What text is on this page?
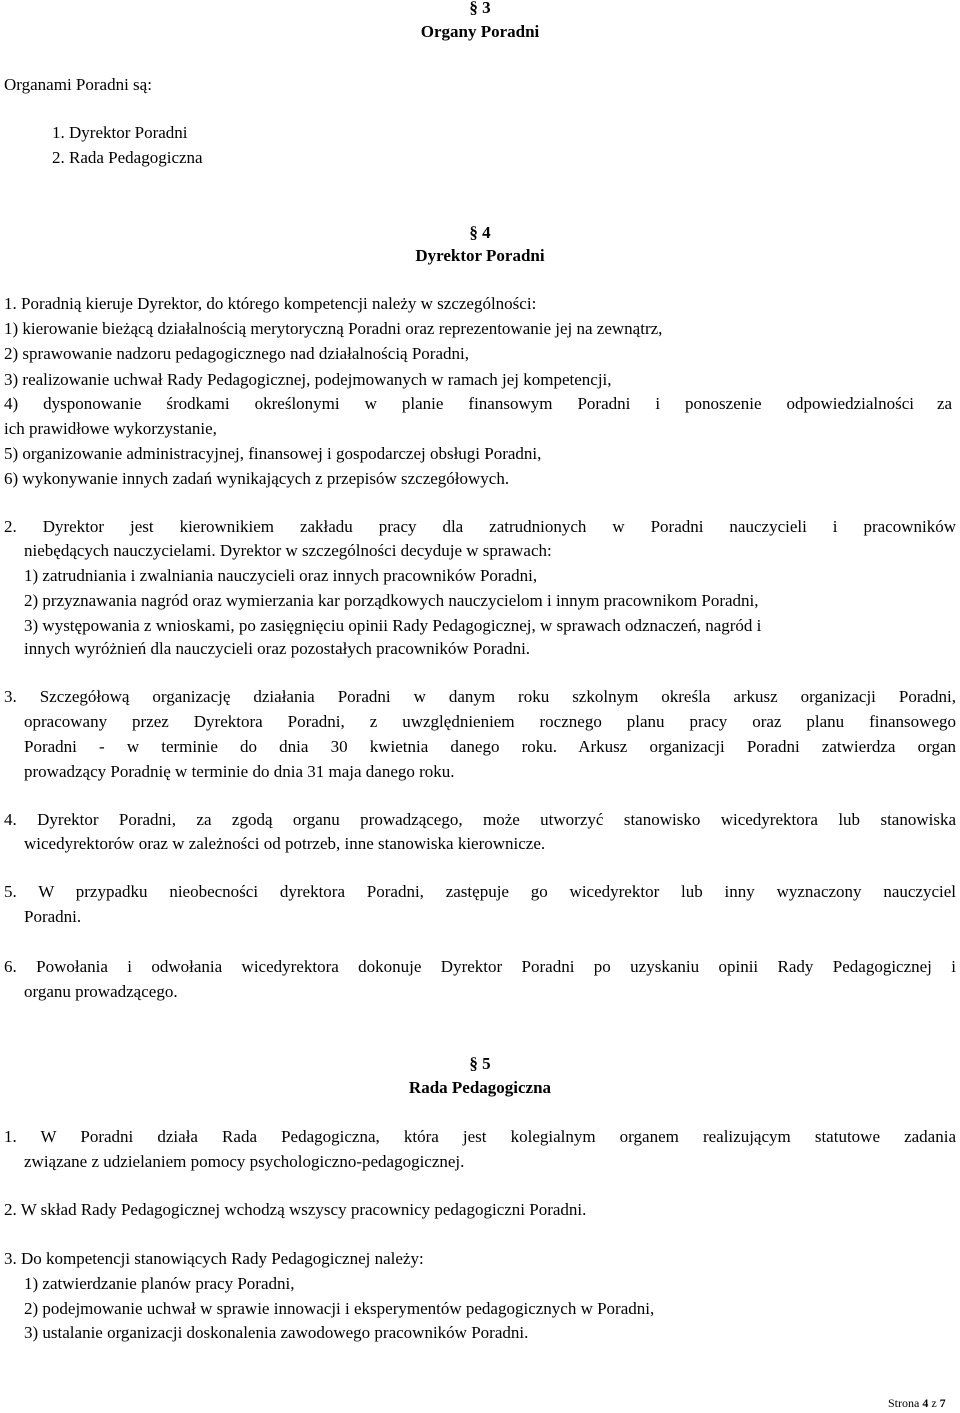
§ 3
Organy Poradni
Organami Poradni są:
1. Dyrektor Poradni
2. Rada Pedagogiczna
§ 4
Dyrektor Poradni
1. Poradnią kieruje Dyrektor, do którego kompetencji należy w szczególności:
1) kierowanie bieżącą działalnością merytoryczną Poradni oraz reprezentowanie jej na zewnątrz,
2) sprawowanie nadzoru pedagogicznego nad działalnością Poradni,
3) realizowanie uchwał Rady Pedagogicznej, podejmowanych w ramach jej kompetencji,
4) dysponowanie środkami określonymi w planie finansowym Poradni i ponoszenie odpowiedzialności za
ich prawidłowe wykorzystanie,
5) organizowanie administracyjnej, finansowej i gospodarczej obsługi Poradni,
6) wykonywanie innych zadań wynikających z przepisów szczegółowych.
2. Dyrektor jest kierownikiem zakładu pracy dla zatrudnionych w Poradni nauczycieli i pracowników
niebędących nauczycielami. Dyrektor w szczególności decyduje w sprawach:
1) zatrudniania i zwalniania nauczycieli oraz innych pracowników Poradni,
2) przyznawania nagród oraz wymierzania kar porządkowych nauczycielom i innym pracownikom Poradni,
3) występowania z wnioskami, po zasięgnięciu opinii Rady Pedagogicznej, w sprawach odznaczeń, nagród i
innych wyróżnień dla nauczycieli oraz pozostałych pracowników Poradni.
3. Szczegółową organizację działania Poradni w danym roku szkolnym określa arkusz organizacji Poradni,
opracowany przez Dyrektora Poradni, z uwzględnieniem rocznego planu pracy oraz planu finansowego
Poradni - w terminie do dnia 30 kwietnia danego roku. Arkusz organizacji Poradni zatwierdza organ
prowadzący Poradnię w terminie do dnia 31 maja danego roku.
4. Dyrektor Poradni, za zgodą organu prowadzącego, może utworzyć stanowisko wicedyrektora lub stanowiska
wicedyrektorów oraz w zależności od potrzeb, inne stanowiska kierownicze.
5. W przypadku nieobecności dyrektora Poradni, zastępuje go wicedyrektor lub inny wyznaczony nauczyciel
Poradni.
6. Powołania i odwołania wicedyrektora dokonuje Dyrektor Poradni po uzyskaniu opinii Rady Pedagogicznej i
organu prowadzącego.
§ 5
Rada Pedagogiczna
1. W Poradni działa Rada Pedagogiczna, która jest kolegialnym organem realizującym statutowe zadania
związane z udzielaniem pomocy psychologiczno-pedagogicznej.
2. W skład Rady Pedagogicznej wchodzą wszyscy pracownicy pedagogiczni Poradni.
3. Do kompetencji stanowiących Rady Pedagogicznej należy:
1) zatwierdzanie planów pracy Poradni,
2) podejmowanie uchwał w sprawie innowacji i eksperymentów pedagogicznych w Poradni,
3) ustalanie organizacji doskonalenia zawodowego pracowników Poradni.
Strona 4 z 7
